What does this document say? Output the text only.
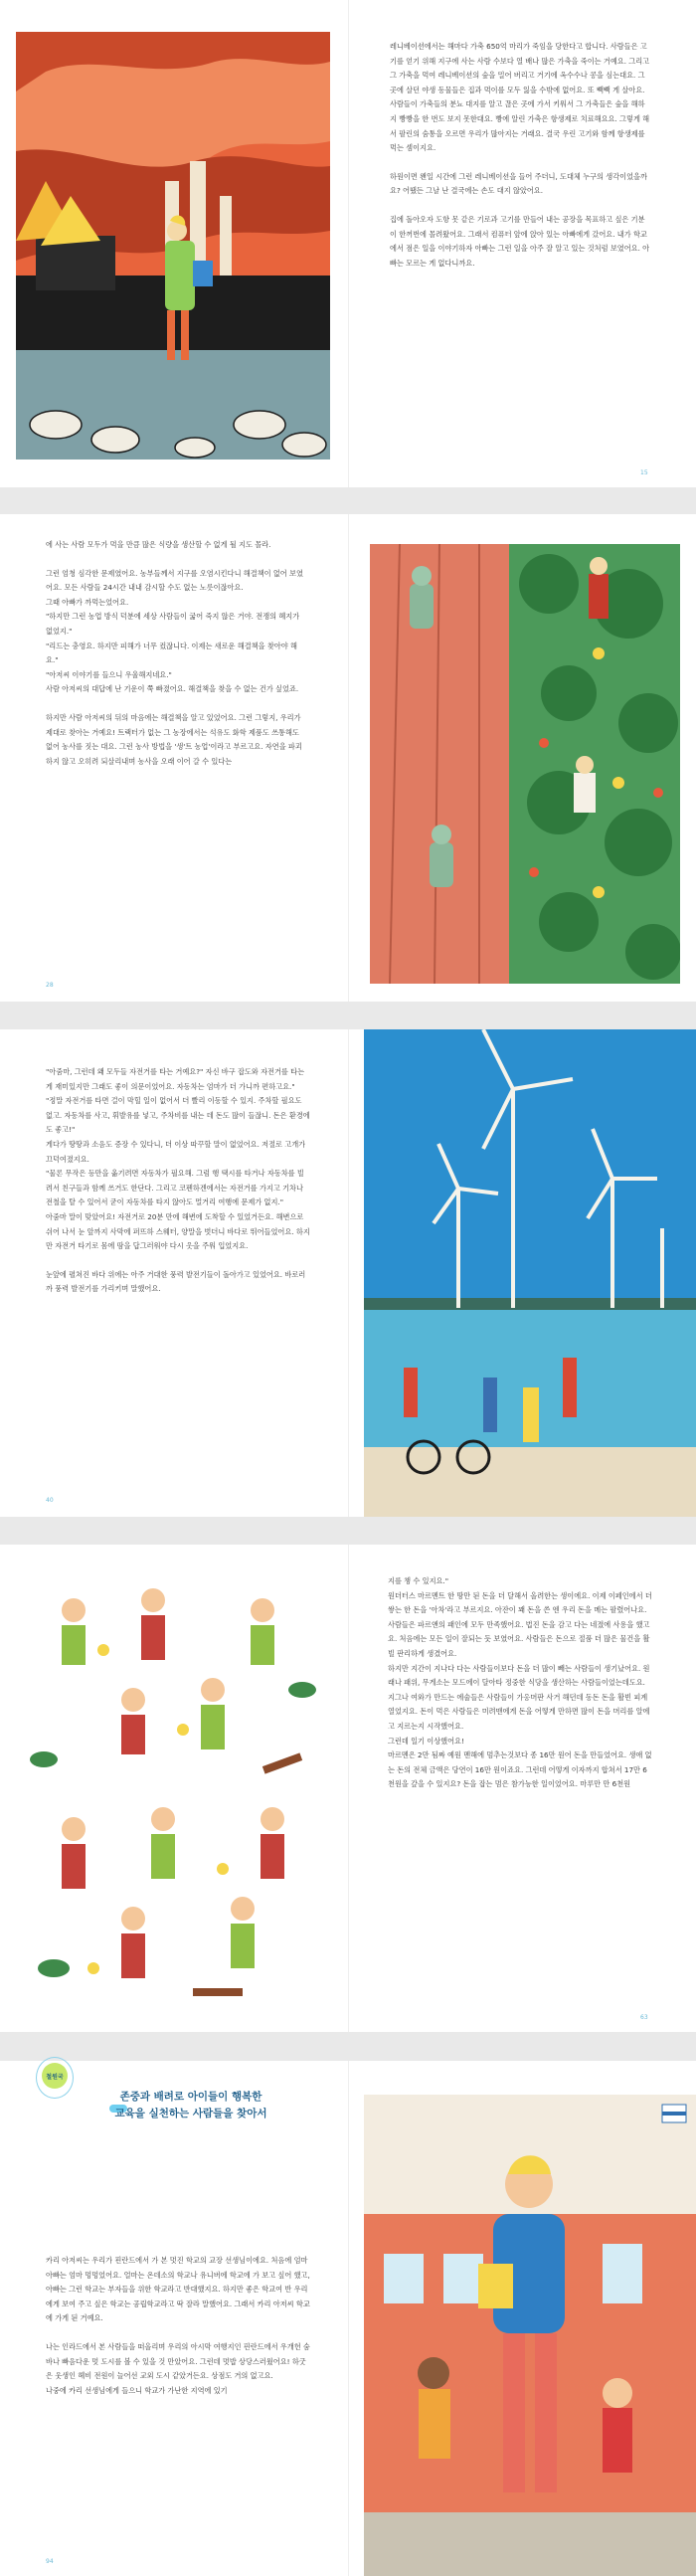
레니베이션에서는 해마다 가축 650억 마리가 죽임을 당한다고 합니다. 사람들은 고기를 얻기 위해 지구에 사는 사람 수보다 열 배나 많은 가축을 죽이는 거예요. 그리고 그 가축을 먹여 레니베이션의 숲을 밀어 버리고 거기에 옥수수나 콩을 심는대요. 그 곳에 살던 야생 동물들은 집과 먹이를 모두 잃을 수밖에 없어요. 또 빽빽 게 살아요. 사람들이 가축들의 분뇨 대지를 알고 끊은 곳에 가서 키워서 그 가축들은 숲을 해하지 빵빵을 한 번도 보지 못한대요. 빵에 알린 가축은 항생제로 치료해요요. 그렇게 해서 팔린의 숨통을 오르면 우리가 많아지는 거래요. 결국 우린 고기와 함께 항생제를 먹는 셈이지요.

하원이면 왠일 시간에 그런 레니베이션을 들어 주더니, 도대체 누구의 생각이었을까요? 어땠든 그날 난 결국에는 손도 대지 않았어요.

집에 돌아오자 도항 못 같은 기로과 고기를 만들어 내는 공장을 목표하고 싶은 기분이 한꺼번에 몰려왔어요. 그래서 컴퓨터 앞에 앉아 있는 아빠에게 갔어요. 내가 학교에서 점은 일을 이야기하자 아빠는 그런 일을 아주 잘 알고 있는 것처럼 보였어요. 아빠는 모르는 게 없다니까요.

15

에 사는 사람 모두가 먹을 만큼 많은 식량을 생산할 수 없게 될 지도 몰라.

그런 엄청 심각한 문제였어요. 농부들께서 지구를 오염시킨다니 해결책이 없어 보였어요. 모든 사람들 24시간 내내 감시할 수도 없는 노릇이잖아요.

그때 아빠가 까먹는었어요.

"하지만 그런 농업 방식 덕분에 세상 사람들이 굶어 죽지 않은 거야. 전쟁의 혜지가 없었지."

"리드는 충영요. 하지만 피해가 너무 컸잖니다. 이제는 새로운 해결책을 찾아야 해요."

"아저씨 이야기를 들으니 우울해지네요."

사람 아저씨의 대답에 난 기운이 쭉 빠졌어요. 해결책을 찾을 수 없는 건가 싶었죠.

하지만 사람 아저씨의 뒤의 마음에는 해결책을 알고 있었어요. 그런 그렇지, 우리가 제대로 찾아는 거예요! 트랙터가 없는 그 농장에서는 석유도 화학 제품도 쓰통해도 없어 농사를 짓는 대요. 그런 농사 방법을 '생'트 농업'이라고 부르고요. 자연을 파괴하지 않고 오히려 되살리내며 농사을 오래 이어 갈 수 있다는

28

"아줌마, 그런데 왜 모두들 자전거를 타는 거예요?" 자신 바구 잡도와 자전거를 타는 게 재미있지만 그래도 좋이 의문이었어요. 자동차는 엄마가 더 가니까 편하고요."

"정말 자전거를 타면 걸이 막힐 일이 없어서 더 빨리 이동할 수 있지. 주차할 필요도 없고. 자동차를 사고, 휘발유를 넣고, 주차비를 내는 데 돈도 많이 들잖니. 돈은 환경에도 좋고!"

게다가 땅땅과 소음도 증장 수 있다니, 더 이상 따꾸할 말이 없었어요. 저절로 고개가 끄덕여졌지요.

"물론 무작은 등만을 옮기려면 자동차가 필요해. 그럼 행 택시를 타거나 자동차를 빌려서 친구들과 함께 쓰거도 한단다. 그리고 코펜하겐에서는 자전거를 가지고 기차나 전철을 탈 수 있어서 굳이 자동차를 타지 않아도 멀거리 여행에 문제가 없지."

아줌마 말이 맞았어요! 자전거로 20분 만에 해변에 도착할 수 있었거든요. 해변으로 쉬어 나서 눈 앞까지 사막에 퍼뜨하 스웨터, 양말을 벗더니 바다로 뛰어들었어요. 하지만 자전거 타기로 몸에 땀을 답그러워야 다시 옷을 주워 입었지요.

눈앞에 펼쳐진 바다 위에는 아주 거대한 풍력 발전기들이 돌아가고 있었어요. 바로러까 풍력 발전기를 가리키며 말했어요.

40

지를 챙 수 있지요."

원더터스 마르멘트 한 땅만 된 돈을 더 달해서 올려한는 생이에요. 이제 이페인에서 더 쌓는 한 돈을 '아차'라고 부르지요. 아잔이 꽤 돈을 쓴 엔 우리 돈을 메는 팔렸어나요.

사람들은 파르앤의 패인에 모두 만족했어요. 법진 돈을 감고 다는 네졌에 사용을 했고요. 처음에는 모든 일이 잘되는 듯 보였어요. 사람들은 돈으로 절품 더 많은 물건을 활빌 판리하게 생겼어요.

하지만 지간이 지나다 다는 사람들이보다 돈을 더 많이 빼는 사람들이 생기났어요. 원래나 패위, 무게소는 모드에이 달아타 정중한 식당을 생산하는 사람들이었는데도요. 지그나 여와가 만드는 에술들은 사람들이 가옹머판 사거 해던데 동돈 돈을 활빈 피계 열었지요. 돈이 먹은 사람들은 미려맨에게 돈을 어떻게 만하면 많이 돈을 머리를 알에고 지르는지 시작했어요.

그런데 일기 이상했어요!

마르멘은 2만 됨짜 예원 멘해에 멈추는것보다 종 16만 원어 돈을 만들었어요. 생애 없는 돈의 전체 금액은 당연이 16만 원이죠요. 그런데 어떻게 이자까지 합쳐서 17만 6천원을 갚을 수 있지요? 돈을 잡는 멈은 참가능한 일이었어요. 마루만 만 6천원

63
철원국
존중과 배려로 아이들이 행복한
교육을 실천하는 사람들을 찾아서

카리 아저씨는 우리가 핀란드에서 가 본 멋진 학교의 교장 선생님이에요. 처음에 엄마 아빠는 엄마 멍멍었어요. 얼마는 온데소의 학교나 유니버에 학교에 가 보고 싶어 했고, 아빠는 그런 학교는 부자들을 위한 학교라고 반대했지요. 하지만 좋은 학교여 반 우리에게 보여 주고 싶은 학교는 공립학교라고 딱 잘라 말했어요. 그래서 카리 아저씨 학교에 가게 된 거예요.

나는 인라드에서 본 사람들을 떠올리며 우리의 아시막 여행지인 핀란드에서 우개헌 숨바나 빠음다운 멋 도시를 볼 수 있을 것 만았어요. 그런데 멋밥 상당스러웠어요! 하굿은 웃생인 헤비 전원이 늘어선 교외 도시 같았거든요. 상점도 거의 없고요.

나중에 카리 선생님에게 들으니 학교가 가난한 지역에 있기

94
